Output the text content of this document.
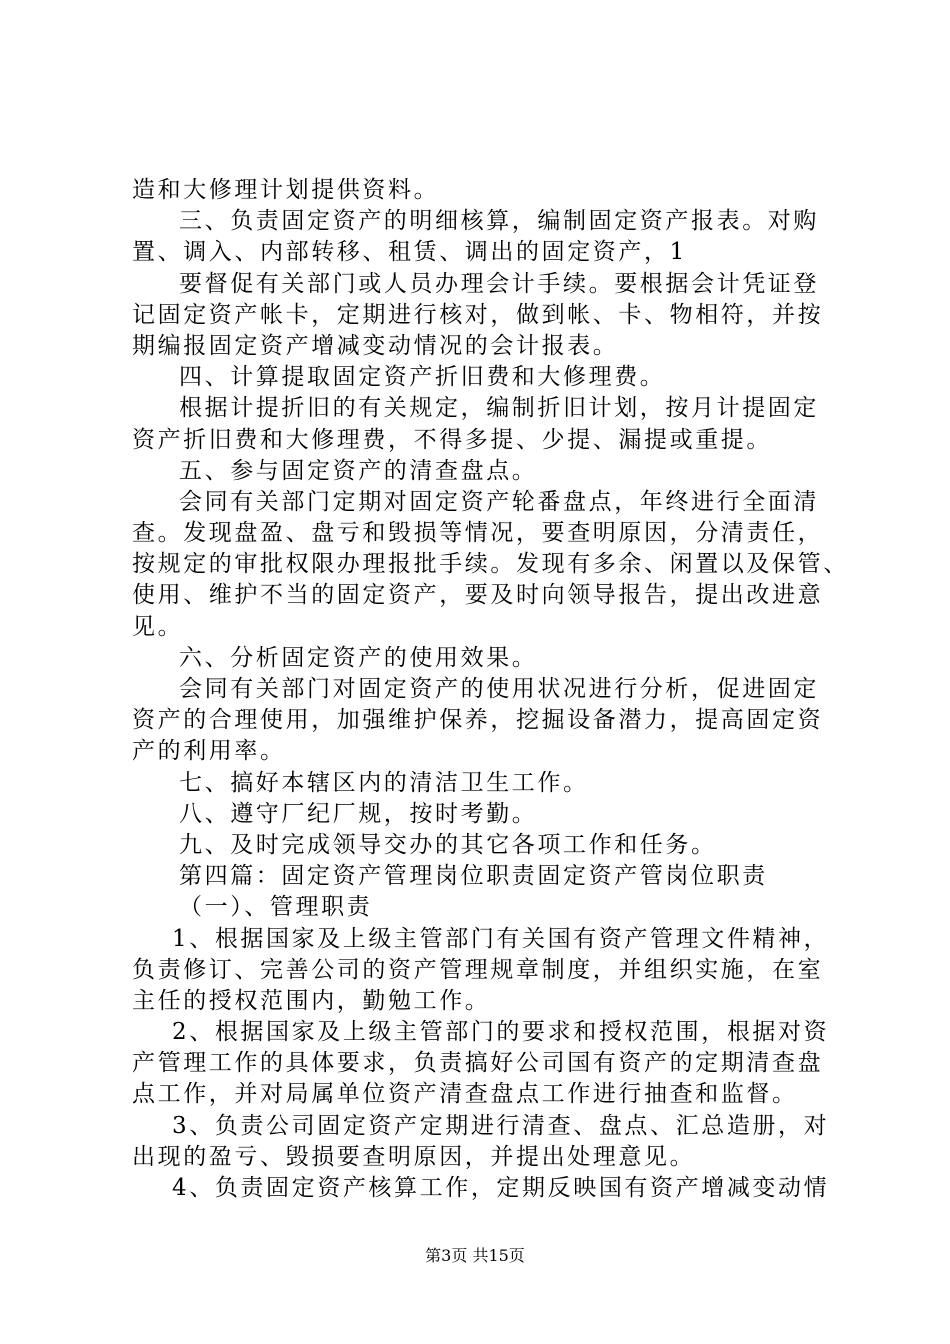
造和大修理计划提供资料。
三、负责固定资产的明细核算，编制固定资产报表。对购
置、调入、内部转移、租赁、调出的固定资产，1
要督促有关部门或人员办理会计手续。要根据会计凭证登
记固定资产帐卡，定期进行核对，做到帐、卡、物相符，并按
期编报固定资产增减变动情况的会计报表。
四、计算提取固定资产折旧费和大修理费。
根据计提折旧的有关规定，编制折旧计划，按月计提固定
资产折旧费和大修理费，不得多提、少提、漏提或重提。
五、参与固定资产的清查盘点。
会同有关部门定期对固定资产轮番盘点，年终进行全面清
查。发现盘盈、盘亏和毁损等情况，要查明原因，分清责任，
按规定的审批权限办理报批手续。发现有多余、闲置以及保管、
使用、维护不当的固定资产，要及时向领导报告，提出改进意
见。
六、分析固定资产的使用效果。
会同有关部门对固定资产的使用状况进行分析，促进固定
资产的合理使用，加强维护保养，挖掘设备潜力，提高固定资
产的利用率。
七、搞好本辖区内的清洁卫生工作。
八、遵守厂纪厂规，按时考勤。
九、及时完成领导交办的其它各项工作和任务。
第四篇：固定资产管理岗位职责固定资产管岗位职责
（一）、管理职责
1、根据国家及上级主管部门有关国有资产管理文件精神，
负责修订、完善公司的资产管理规章制度，并组织实施，在室
主任的授权范围内，勤勉工作。
2、根据国家及上级主管部门的要求和授权范围，根据对资
产管理工作的具体要求，负责搞好公司国有资产的定期清查盘
点工作，并对局属单位资产清查盘点工作进行抽查和监督。
3、负责公司固定资产定期进行清查、盘点、汇总造册，对
出现的盈亏、毁损要查明原因，并提出处理意见。
4、负责固定资产核算工作，定期反映国有资产增减变动情
第3页 共15页
